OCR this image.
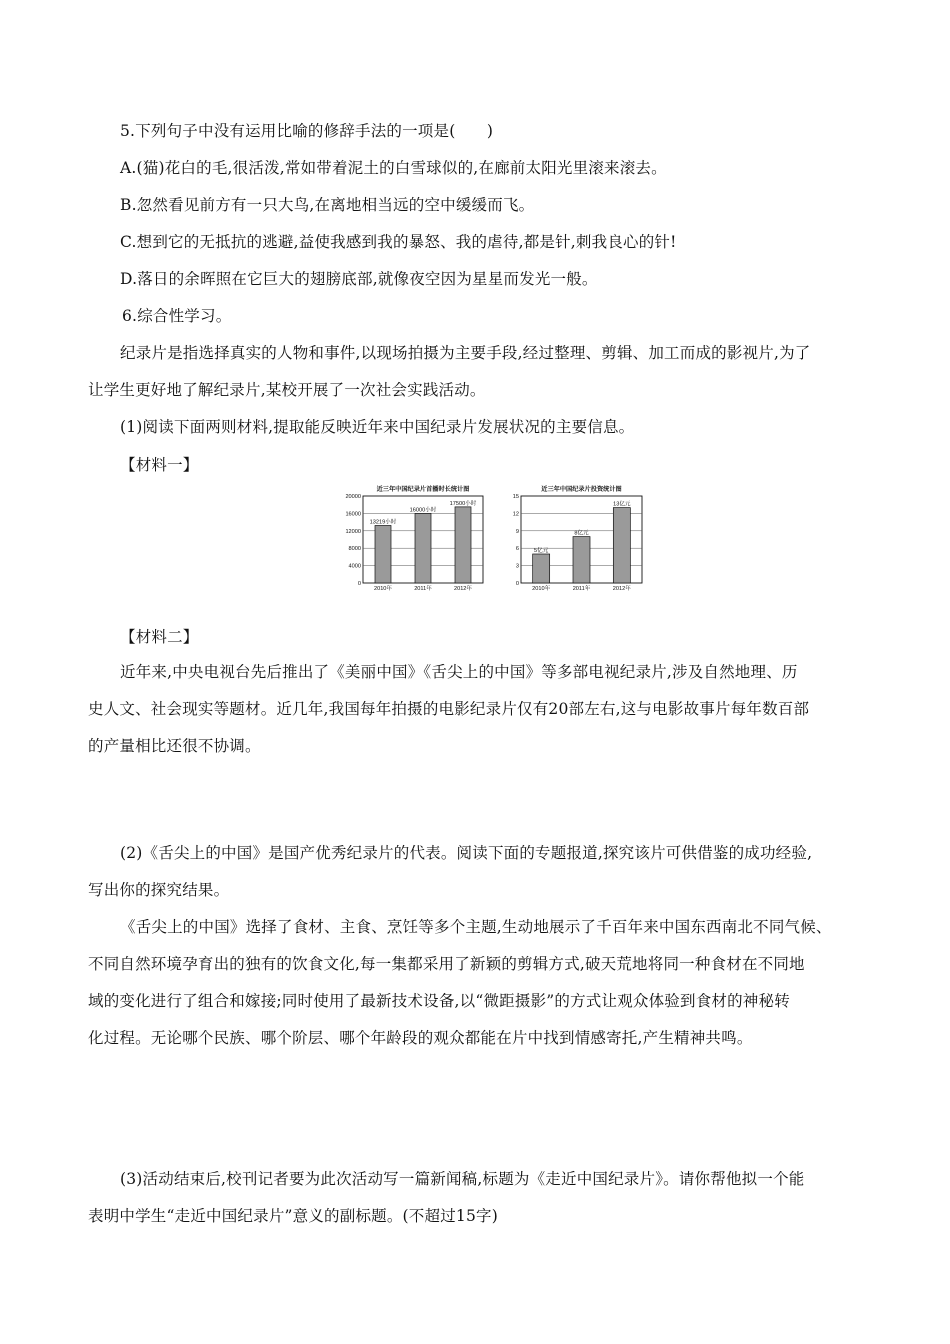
5.下列句子中没有运用比喻的修辞手法的一项是(　　)
A.(猫)花白的毛,很活泼,常如带着泥土的白雪球似的,在廊前太阳光里滚来滚去。
B.忽然看见前方有一只大鸟,在离地相当远的空中缓缓而飞。
C.想到它的无抵抗的逃避,益使我感到我的暴怒、我的虐待,都是针,刺我良心的针!
D.落日的余晖照在它巨大的翅膀底部,就像夜空因为星星而发光一般。
6.综合性学习。
纪录片是指选择真实的人物和事件,以现场拍摄为主要手段,经过整理、剪辑、加工而成的影视片,为了
让学生更好地了解纪录片,某校开展了一次社会实践活动。
(1)阅读下面两则材料,提取能反映近年来中国纪录片发展状况的主要信息。
【材料一】
近三年中国纪录片首播时长统计图
0
4000
8000
12000
16000
20000
13219小时
2010年
16000小时
2011年
17500小时
2012年
近三年中国纪录片投资统计图
0
3
6
9
12
15
5亿元
2010年
8亿元
2011年
13亿元
2012年
【材料二】
近年来,中央电视台先后推出了《美丽中国》《舌尖上的中国》等多部电视纪录片,涉及自然地理、历
史人文、社会现实等题材。近几年,我国每年拍摄的电影纪录片仅有20部左右,这与电影故事片每年数百部
的产量相比还很不协调。
(2)《舌尖上的中国》是国产优秀纪录片的代表。阅读下面的专题报道,探究该片可供借鉴的成功经验,
写出你的探究结果。
《舌尖上的中国》选择了食材、主食、烹饪等多个主题,生动地展示了千百年来中国东西南北不同气候、
不同自然环境孕育出的独有的饮食文化,每一集都采用了新颖的剪辑方式,破天荒地将同一种食材在不同地
域的变化进行了组合和嫁接;同时使用了最新技术设备,以“微距摄影”的方式让观众体验到食材的神秘转
化过程。无论哪个民族、哪个阶层、哪个年龄段的观众都能在片中找到情感寄托,产生精神共鸣。
(3)活动结束后,校刊记者要为此次活动写一篇新闻稿,标题为《走近中国纪录片》。请你帮他拟一个能
表明中学生“走近中国纪录片”意义的副标题。(不超过15字)
